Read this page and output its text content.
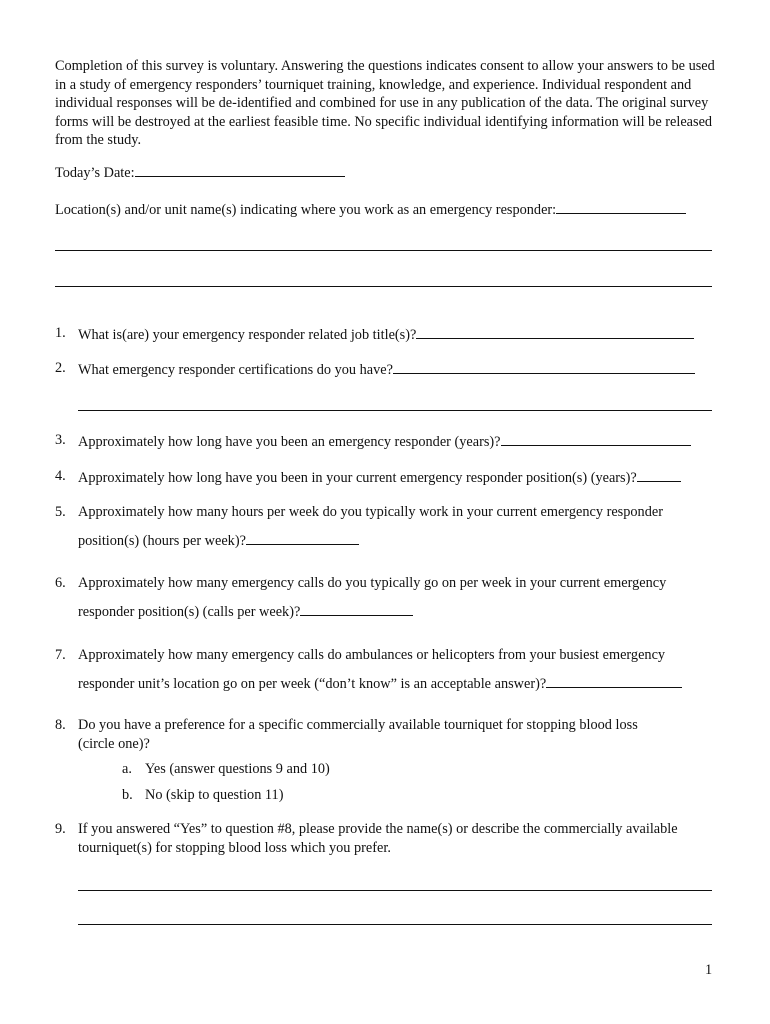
Completion of this survey is voluntary. Answering the questions indicates consent to allow your answers to be used in a study of emergency responders’ tourniquet training, knowledge, and experience. Individual respondent and individual responses will be de-identified and combined for use in any publication of the data. The original survey forms will be destroyed at the earliest feasible time. No specific individual identifying information will be released from the study.
Today’s Date:
Location(s) and/or unit name(s) indicating where you work as an emergency responder:
1. What is(are) your emergency responder related job title(s)?
2. What emergency responder certifications do you have?
3. Approximately how long have you been an emergency responder (years)?
4. Approximately how long have you been in your current emergency responder position(s) (years)?
5. Approximately how many hours per week do you typically work in your current emergency responder
position(s) (hours per week)?
6. Approximately how many emergency calls do you typically go on per week in your current emergency
responder position(s) (calls per week)?
7. Approximately how many emergency calls do ambulances or helicopters from your busiest emergency
responder unit’s location go on per week (“don’t know” is an acceptable answer)?
8. Do you have a preference for a specific commercially available tourniquet for stopping blood loss
(circle one)?
a. Yes (answer questions 9 and 10)
b. No (skip to question 11)
9. If you answered “Yes” to question #8, please provide the name(s) or describe the commercially available
tourniquet(s) for stopping blood loss which you prefer.
1
